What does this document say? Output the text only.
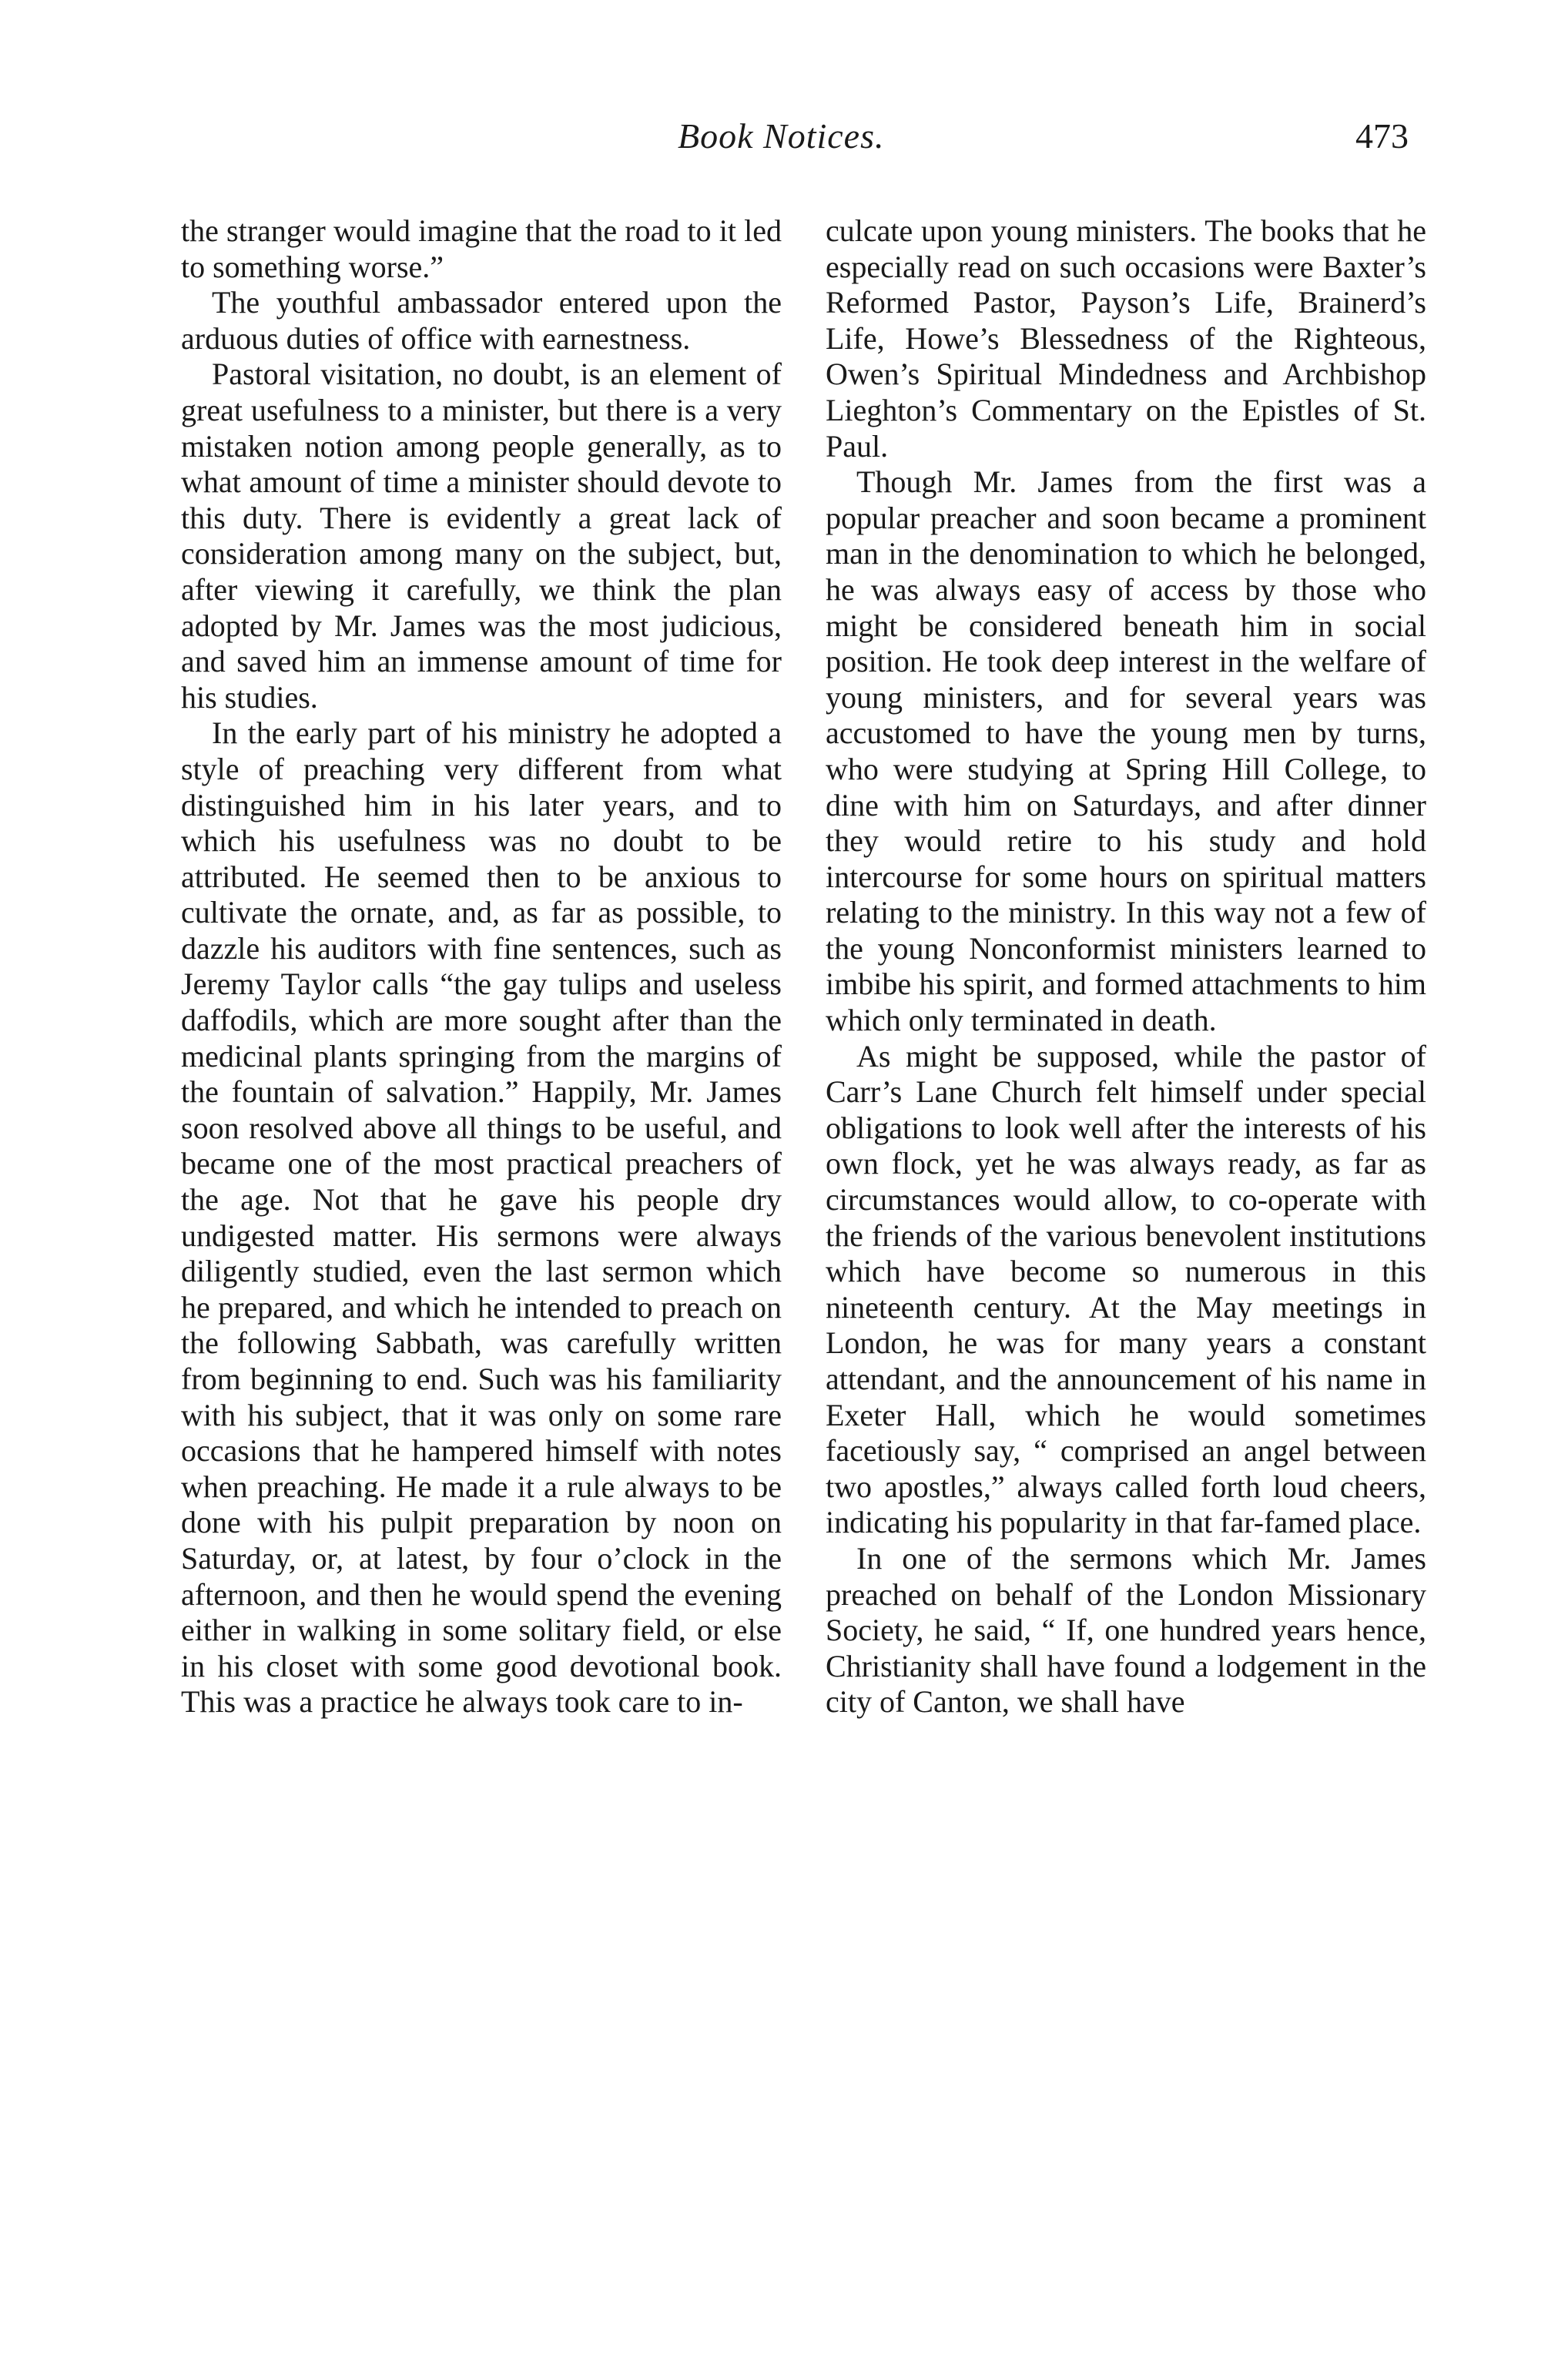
Book Notices.	473

the stranger would imagine that the road to it led to something worse.”

The youthful ambassador entered upon the arduous duties of office with earnestness.

Pastoral visitation, no doubt, is an element of great usefulness to a minister, but there is a very mistaken notion among people generally, as to what amount of time a minister should devote to this duty. There is evidently a great lack of consideration among many on the subject, but, after viewing it carefully, we think the plan adopted by Mr. James was the most judicious, and saved him an immense amount of time for his studies.

In the early part of his ministry he adopted a style of preaching very different from what distinguished him in his later years, and to which his usefulness was no doubt to be attributed. He seemed then to be anxious to cultivate the ornate, and, as far as possible, to dazzle his auditors with fine sentences, such as Jeremy Taylor calls “the gay tulips and useless daffodils, which are more sought after than the medicinal plants springing from the margins of the fountain of salvation.” Happily, Mr. James soon resolved above all things to be useful, and became one of the most practical preachers of the age. Not that he gave his people dry undigested matter. His sermons were always diligently studied, even the last sermon which he prepared, and which he intended to preach on the following Sabbath, was carefully written from beginning to end. Such was his familiarity with his subject, that it was only on some rare occasions that he hampered himself with notes when preaching. He made it a rule always to be done with his pulpit preparation by noon on Saturday, or, at latest, by four o’clock in the afternoon, and then he would spend the evening either in walking in some solitary field, or else in his closet with some good devotional book. This was a practice he always took care to in-

culcate upon young ministers. The books that he especially read on such occasions were Baxter’s Reformed Pastor, Payson’s Life, Brainerd’s Life, Howe’s Blessedness of the Righteous, Owen’s Spiritual Mindedness and Archbishop Lieghton’s Commentary on the Epistles of St. Paul.

Though Mr. James from the first was a popular preacher and soon became a prominent man in the denomination to which he belonged, he was always easy of access by those who might be considered beneath him in social position. He took deep interest in the welfare of young ministers, and for several years was accustomed to have the young men by turns, who were studying at Spring Hill College, to dine with him on Saturdays, and after dinner they would retire to his study and hold intercourse for some hours on spiritual matters relating to the ministry. In this way not a few of the young Nonconformist ministers learned to imbibe his spirit, and formed attachments to him which only terminated in death.

As might be supposed, while the pastor of Carr’s Lane Church felt himself under special obligations to look well after the interests of his own flock, yet he was always ready, as far as circumstances would allow, to co-operate with the friends of the various benevolent institutions which have become so numerous in this nineteenth century. At the May meetings in London, he was for many years a constant attendant, and the announcement of his name in Exeter Hall, which he would sometimes facetiously say, “ comprised an angel between two apostles,” always called forth loud cheers, indicating his popularity in that far-famed place.

In one of the sermons which Mr. James preached on behalf of the London Missionary Society, he said, “ If, one hundred years hence, Christianity shall have found a lodgement in the city of Canton, we shall have
